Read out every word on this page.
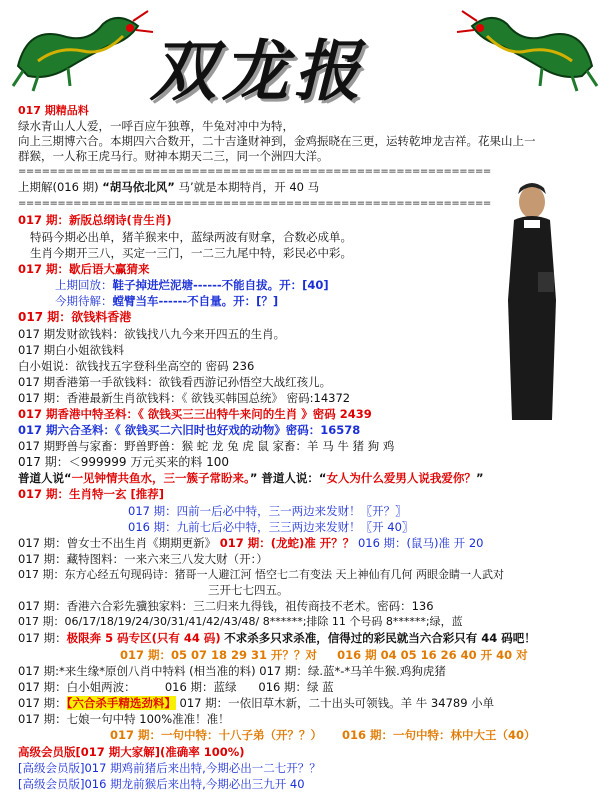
双龙报
017 期精品料
绿水青山人人爱，一呼百应午独尊，牛兔对冲中为特，
向上三期博六合。本期四六合数开，二十吉逢财神到，金鸡振晓在三更，运转乾坤龙吉祥。花果山上一
群猴，一人称王虎马行。财神本期天二三，同一个洲四大洋。
============================================================
上期解(016 期) “胡马依北风” 马’就是本期特肖，开 40 马
============================================================
017 期：新版总纲诗(肯生肖)
特码今期必出单，猪羊猴来中，蓝绿两波有财拿，合数必成单。
生肖今期开三八，买定一三门，一二三九尾中特，彩民必中彩。
017 期：歇后语大赢猜来
上期回放：鞋子掉进烂泥塘------不能自拔。开：[40]
今期待解：螳臂当车------不自量。开：[？]
017 期：欲钱料香港
017 期发财欲钱料：欲钱找八九今来开四五的生肖。
017 期白小姐欲钱料
白小姐说：欲钱找五字登科坐高空的 密码 236
017 期香港第一手欲钱料：欲钱看西游记孙悟空大战红孩儿。
017 期：香港最新生肖欲钱料：《 欲钱买韩国总统》 密码:14372
017 期香港中特圣料：《 欲钱买三三出特牛来问的生肖 》密码 2439
017 期六合圣料：《 欲钱买二六旧时也好戏的动物》密码：16578
017 期野兽与家畜：野兽野兽：猴 蛇 龙 兔 虎 鼠 家畜：羊 马 牛 猪 狗 鸡
017 期：＜999999 万元买来的料 100
普道人说“一见钟情共鱼水，三一簇子常盼来。” 普道人说：“女人为什么爱男人说我爱你？”
017 期：生肖特一玄 [推荐]
017 期：四前一后必中特，三一两边来发财！〖开？〗
016 期：九前七后必中特，三三两边来发财！〖开 40〗
017 期：曾女士不出生肖《期期更新》 017 期：(龙蛇)准 开？？ 016 期：(鼠马)准 开 20
017 期：藏特图料：一来六来三八发大财（开：）
017 期：东方心经五句现码诗：猪哥一人避江河 悟空七二有变法 天上神仙有几何 两眼金睛一人武对
三开七七四五。
017 期：香港六合彩先骥独家料：三二归来九得钱，祖传商技不老术。密码：136
017 期：06/17/18/19/24/30/31/41/42/43/48/ 8******;排除 11 个号码 8******;绿，蓝
017 期：极限奔 5 码专区(只有 44 码) 不求杀多只求杀准，信得过的彩民就当六合彩只有 44 码吧！
017 期：05 07 18 29 31 开？？对 016 期 04 05 16 26 40 开 40 对
017 期:*来生缘*原创八肖中特料 (相当准的料) 017 期：绿.蓝*-*马羊牛猴.鸡狗虎猪
017 期：白小姐两波：	016 期：蓝绿 016 期：绿 蓝
017 期：【六合杀手精选劲料】 017 期：一依旧草木新，二十出头可领钱。羊 牛 34789 小单
017 期：七娘一句中特 100%准准！准！
017 期：一句中特：十八子弟（开？？） 016 期：一句中特：林中大王（40）
高级会员版[017 期大家解](准确率 100%)
[高级会员版]017 期鸡前猪后来出特,今期必出一二七开？？
[高级会员版]016 期龙前猴后来出特,今期必出三九开 40
